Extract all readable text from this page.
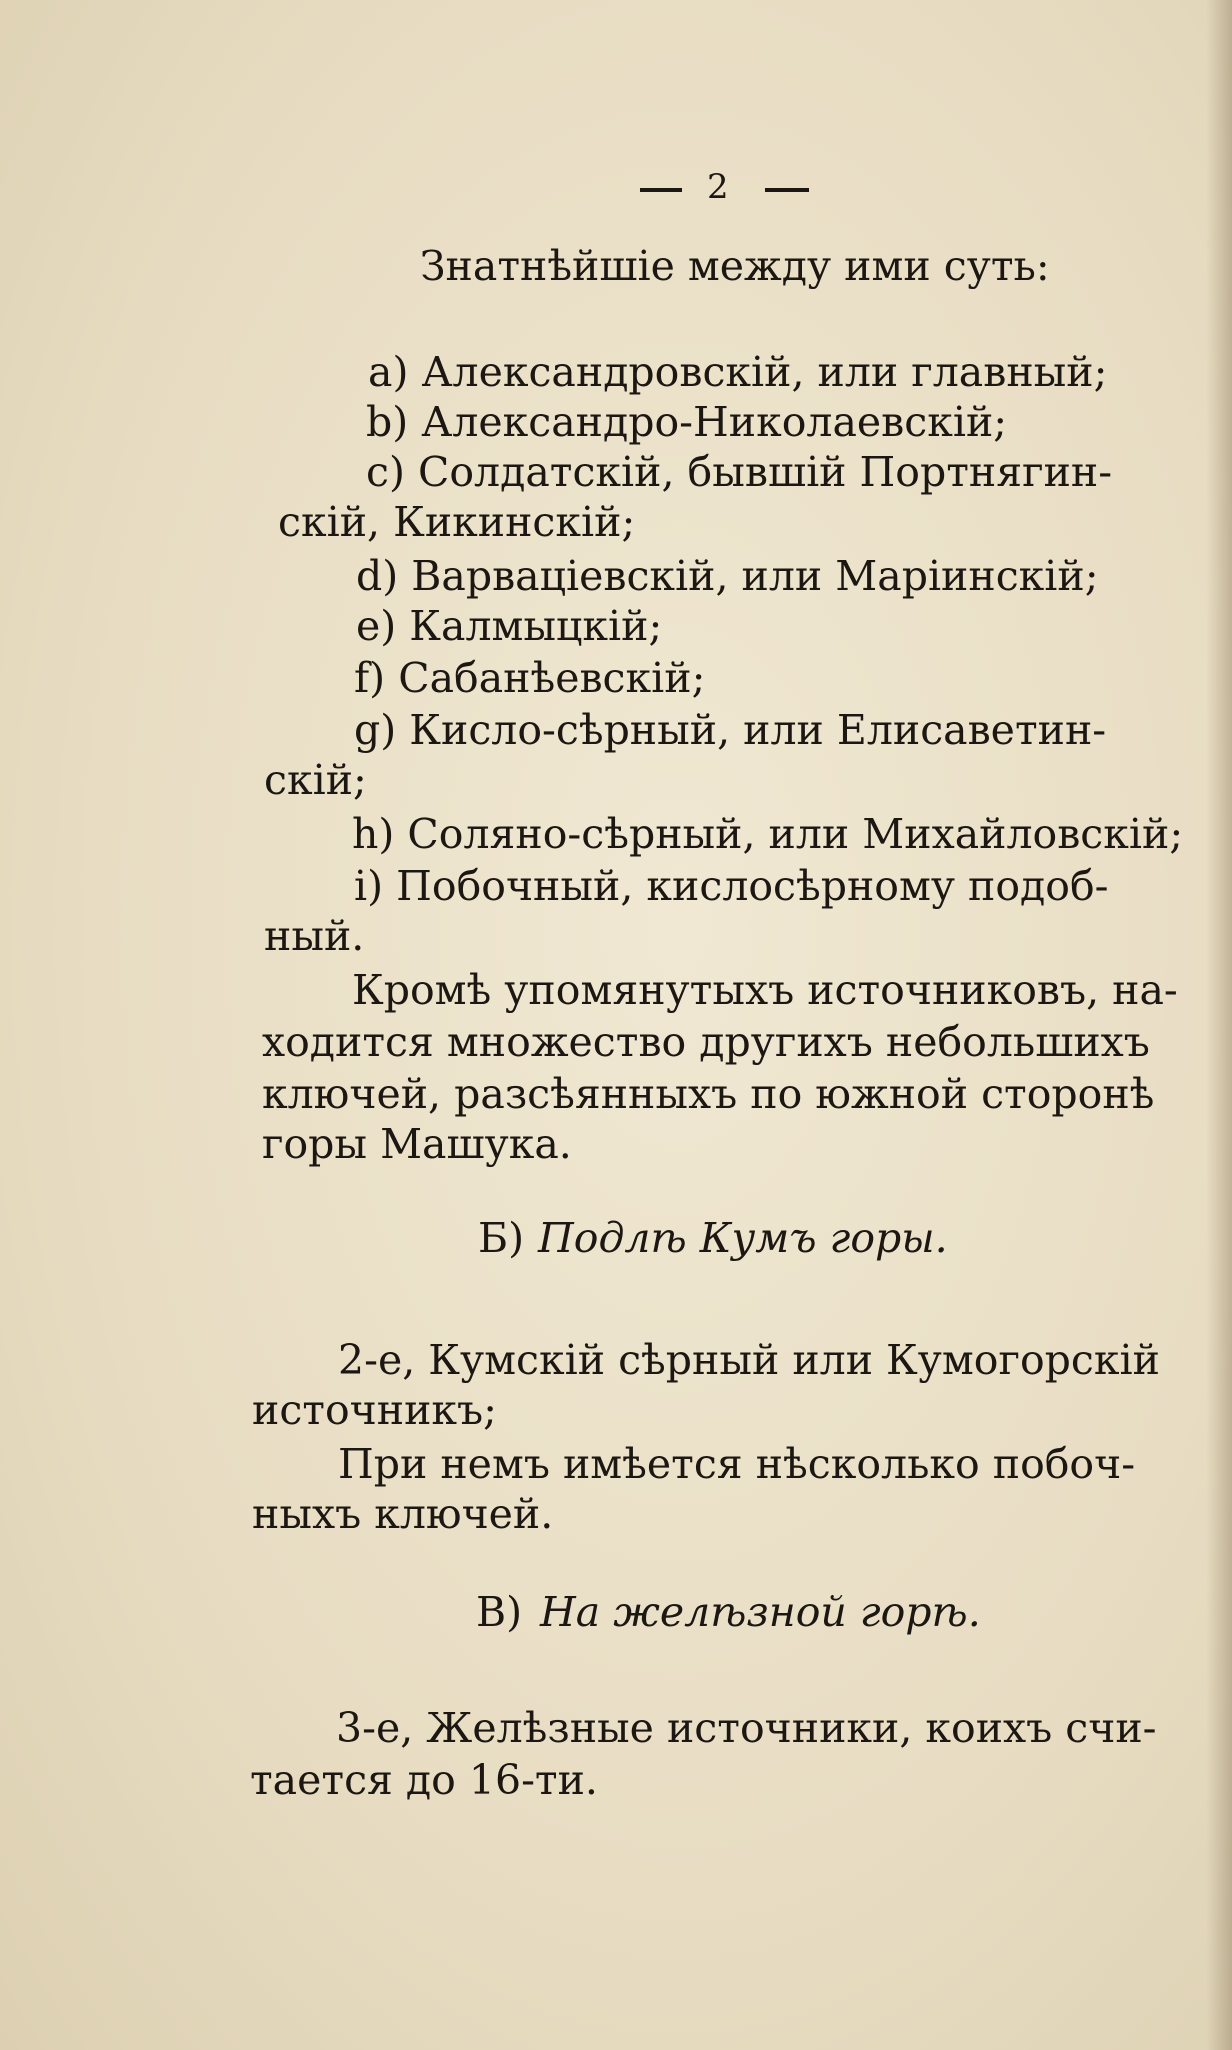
2
Знатнѣйшіе между ими суть:
a) Александровскій, или главный;
b) Александро-Николаевскій;
c) Солдатскій, бывшій Портнягин-
скій, Кикинскій;
d) Варваціевскій, или Маріинскій;
e) Калмыцкій;
f) Сабанѣевскій;
g) Кисло-сѣрный, или Елисаветин-
скій;
h) Соляно-сѣрный, или Михайловскій;
i) Побочный, кислосѣрному подоб-
ный.
Кромѣ упомянутыхъ источниковъ, на-
ходится множество другихъ небольшихъ
ключей, разсѣянныхъ по южной сторонѣ
горы Машука.
Б) Подлѣ Кумъ горы.
2-е, Кумскій сѣрный или Кумогорскій
источникъ;
При немъ имѣется нѣсколько побоч-
ныхъ ключей.
В) На желѣзной горѣ.
3-е, Желѣзные источники, коихъ счи-
тается до 16-ти.
